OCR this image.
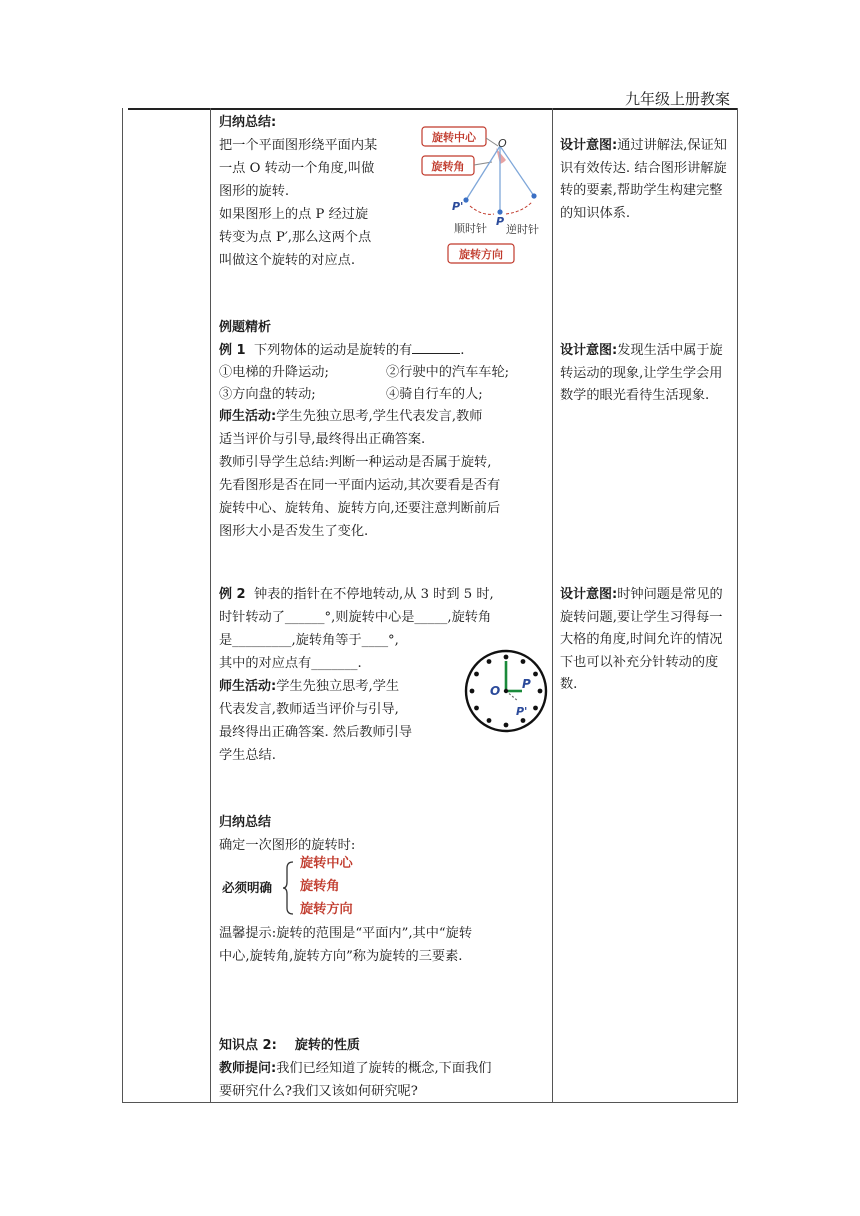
九年级上册教案
归纳总结:
把一个平面图形绕平面内某
一点 O 转动一个角度,叫做
图形的旋转.
如果图形上的点 P 经过旋
转变为点 P′,那么这两个点
叫做这个旋转的对应点.
旋转中心
旋转角
O
P
P'
顺时针 逆时针
旋转方向
设计意图:通过讲解法,保证知识有效传达. 结合图形讲解旋转的要素,帮助学生构建完整的知识体系.
例题精析
例 1 下列物体的运动是旋转的有	.
①电梯的升降运动;	②行驶中的汽车车轮;
③方向盘的转动;	④骑自行车的人;
师生活动:学生先独立思考,学生代表发言,教师
适当评价与引导,最终得出正确答案.
教师引导学生总结:判断一种运动是否属于旋转,
先看图形是否在同一平面内运动,其次要看是否有
旋转中心、旋转角、旋转方向,还要注意判断前后
图形大小是否发生了变化.
设计意图:发现生活中属于旋转运动的现象,让学生学会用数学的眼光看待生活现象.
例 2 钟表的指针在不停地转动,从 3 时到 5 时,
时针转动了______°,则旋转中心是_____,旋转角
是_________,旋转角等于____°,
其中的对应点有_______.
师生活动:学生先独立思考,学生
代表发言,教师适当评价与引导,
最终得出正确答案. 然后教师引导
学生总结.
O P
P'
设计意图:时钟问题是常见的旋转问题,要让学生习得每一大格的角度,时间允许的情况下也可以补充分针转动的度数.
归纳总结
确定一次图形的旋转时:
必须明确
旋转中心
旋转角
旋转方向
温馨提示:旋转的范围是“平面内”,其中“旋转
中心,旋转角,旋转方向”称为旋转的三要素.
知识点 2:    旋转的性质
教师提问:我们已经知道了旋转的概念,下面我们
要研究什么?我们又该如何研究呢?
